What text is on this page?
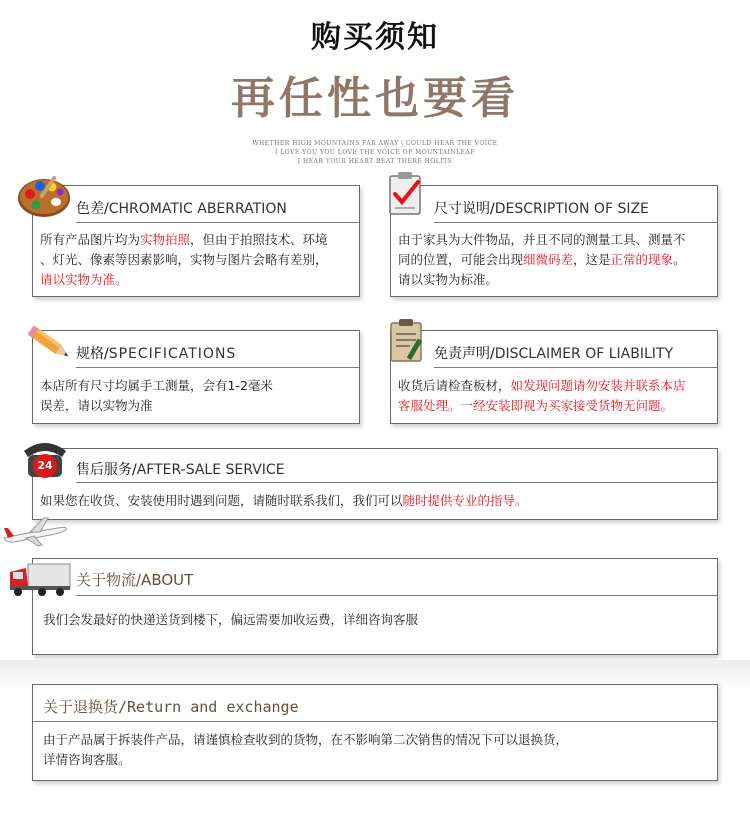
购买须知
再任性也要看
WHETHER HIGH MOUNTAINS FAR AWAY | COULD HEAR THE VOICE
I LOVE YOU YOU LOVE THE VOICE OF MOUNTAINLEAF
I HEAR YOUR HEART BEAT THERE HOLITS
色差/CHROMATIC ABERRATION
所有产品图片均为实物拍照，但由于拍照技术、环境
、灯光、像素等因素影响，实物与图片会略有差别，
请以实物为准。
尺寸说明/DESCRIPTION OF SIZE
由于家具为大件物品，并且不同的测量工具、测量不
同的位置，可能会出现细微码差，这是正常的现象。
请以实物为标准。
规格/SPECIFICATIONS
本店所有尺寸均属手工测量，会有1-2毫米
误差，请以实物为准
免责声明/DISCLAIMER OF LIABILITY
收货后请检查板材，如发现问题请勿安装并联系本店
客服处理。一经安装即视为买家接受货物无问题。
售后服务/AFTER-SALE SERVICE
如果您在收货、安装使用时遇到问题，请随时联系我们，我们可以随时提供专业的指导。
24
关于物流/ABOUT
我们会发最好的快递送货到楼下，偏远需要加收运费，详细咨询客服
关于退换货/Return and exchange
由于产品属于拆装件产品，请谨慎检查收到的货物，在不影响第二次销售的情况下可以退换货，
详情咨询客服。
